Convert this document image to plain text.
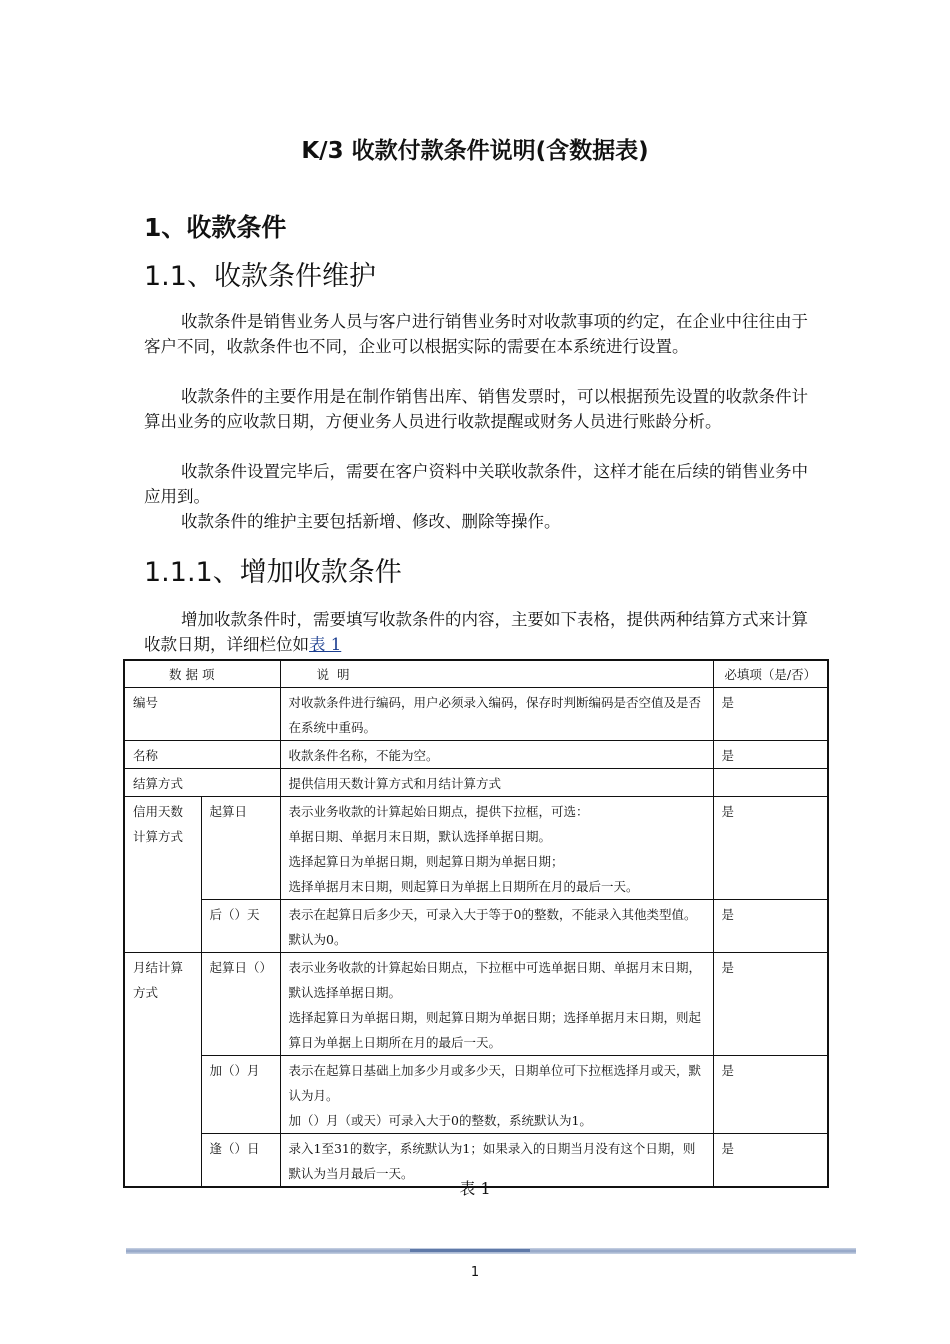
K/3 收款付款条件说明(含数据表)
1、收款条件
1.1、收款条件维护
收款条件是销售业务人员与客户进行销售业务时对收款事项的约定，在企业中往往由于客户不同，收款条件也不同，企业可以根据实际的需要在本系统进行设置。
收款条件的主要作用是在制作销售出库、销售发票时，可以根据预先设置的收款条件计算出业务的应收款日期，方便业务人员进行收款提醒或财务人员进行账龄分析。
收款条件设置完毕后，需要在客户资料中关联收款条件，这样才能在后续的销售业务中应用到。
收款条件的维护主要包括新增、修改、删除等操作。
1.1.1、增加收款条件
增加收款条件时，需要填写收款条件的内容，主要如下表格，提供两种结算方式来计算收款日期，详细栏位如表 1
数据项		说 明	必填项（是/否）
编号		对收款条件进行编码，用户必须录入编码，保存时判断编码是否空值及是否在系统中重码。	是
名称		收款条件名称，不能为空。	是
结算方式		提供信用天数计算方式和月结计算方式	
信用天数计算方式	起算日	表示业务收款的计算起始日期点，提供下拉框，可选：
单据日期、单据月末日期，默认选择单据日期。
选择起算日为单据日期，则起算日期为单据日期；
选择单据月末日期，则起算日为单据上日期所在月的最后一天。	是
	后（）天	表示在起算日后多少天，可录入大于等于0的整数，不能录入其他类型值。默认为0。	是
月结计算方式	起算日（）	表示业务收款的计算起始日期点，下拉框中可选单据日期、单据月末日期，默认选择单据日期。
选择起算日为单据日期，则起算日期为单据日期；选择单据月末日期，则起算日为单据上日期所在月的最后一天。	是
	加（）月	表示在起算日基础上加多少月或多少天，日期单位可下拉框选择月或天，默认为月。
加（）月（或天）可录入大于0的整数，系统默认为1。	是
	逢（）日	录入1至31的数字，系统默认为1；如果录入的日期当月没有这个日期，则默认为当月最后一天。	是
表 1
1
